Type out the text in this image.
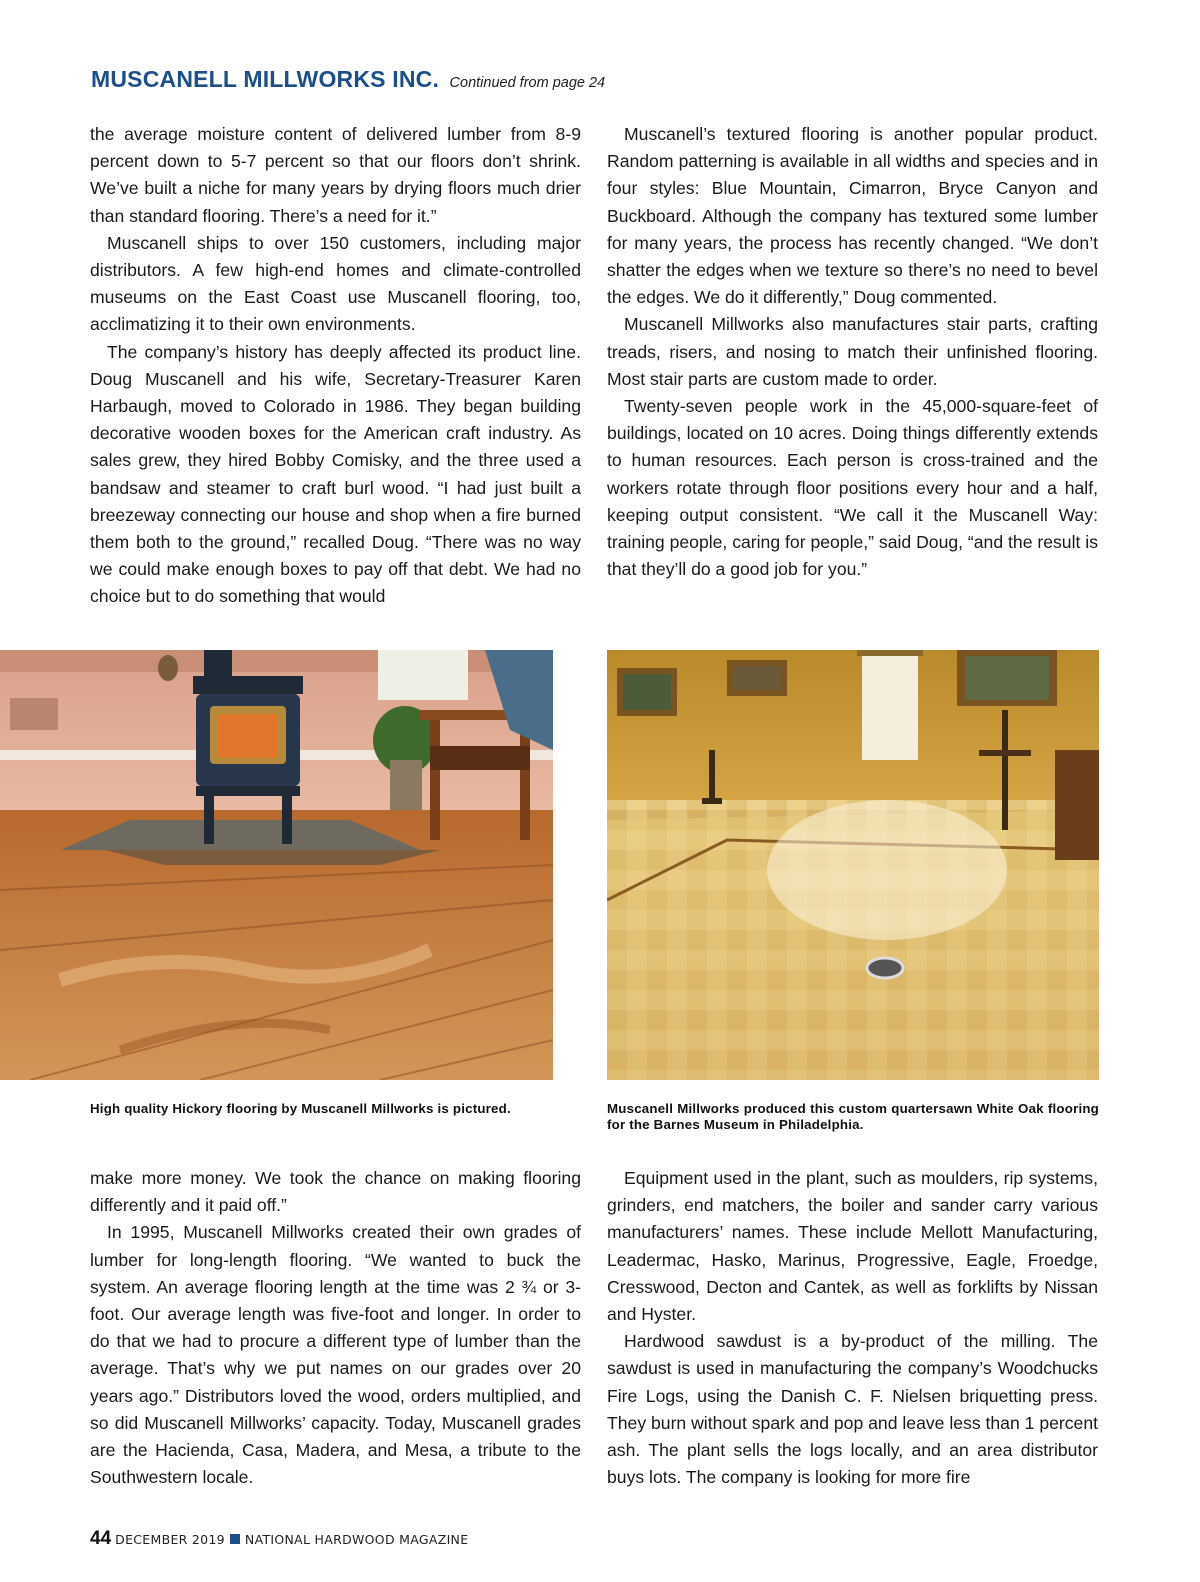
MUSCANELL MILLWORKS INC. Continued from page 24

the average moisture content of delivered lumber from 8-9 percent down to 5-7 percent so that our floors don’t shrink. We’ve built a niche for many years by drying floors much drier than standard flooring. There’s a need for it.”

Muscanell ships to over 150 customers, including major distributors. A few high-end homes and climate-controlled museums on the East Coast use Muscanell flooring, too, acclimatizing it to their own environments.

The company’s history has deeply affected its product line. Doug Muscanell and his wife, Secretary-Treasurer Karen Harbaugh, moved to Colorado in 1986. They began building decorative wooden boxes for the American craft industry. As sales grew, they hired Bobby Comisky, and the three used a bandsaw and steamer to craft burl wood. “I had just built a breezeway connecting our house and shop when a fire burned them both to the ground,” recalled Doug. “There was no way we could make enough boxes to pay off that debt. We had no choice but to do something that would

Muscanell’s textured flooring is another popular product. Random patterning is available in all widths and species and in four styles: Blue Mountain, Cimarron, Bryce Canyon and Buckboard. Although the company has textured some lumber for many years, the process has recently changed. “We don’t shatter the edges when we texture so there’s no need to bevel the edges. We do it differently,” Doug commented.

Muscanell Millworks also manufactures stair parts, crafting treads, risers, and nosing to match their unfinished flooring. Most stair parts are custom made to order.

Twenty-seven people work in the 45,000-square-feet of buildings, located on 10 acres. Doing things differently extends to human resources. Each person is cross-trained and the workers rotate through floor positions every hour and a half, keeping output consistent. “We call it the Muscanell Way: training people, caring for people,” said Doug, “and the result is that they’ll do a good job for you.”

High quality Hickory flooring by Muscanell Millworks is pictured.	Muscanell Millworks produced this custom quartersawn White Oak flooring for the Barnes Museum in Philadelphia.

make more money. We took the chance on making flooring differently and it paid off.”

In 1995, Muscanell Millworks created their own grades of lumber for long-length flooring. “We wanted to buck the system. An average flooring length at the time was 2 ¾ or 3-foot. Our average length was five-foot and longer. In order to do that we had to procure a different type of lumber than the average. That’s why we put names on our grades over 20 years ago.” Distributors loved the wood, orders multiplied, and so did Muscanell Millworks’ capacity. Today, Muscanell grades are the Hacienda, Casa, Madera, and Mesa, a tribute to the Southwestern locale.

Equipment used in the plant, such as moulders, rip systems, grinders, end matchers, the boiler and sander carry various manufacturers’ names. These include Mellott Manufacturing, Leadermac, Hasko, Marinus, Progressive, Eagle, Froedge, Cresswood, Decton and Cantek, as well as forklifts by Nissan and Hyster.

Hardwood sawdust is a by-product of the milling. The sawdust is used in manufacturing the company’s Woodchucks Fire Logs, using the Danish C. F. Nielsen briquetting press. They burn without spark and pop and leave less than 1 percent ash. The plant sells the logs locally, and an area distributor buys lots. The company is looking for more fire

44 DECEMBER 2019 NATIONAL HARDWOOD MAGAZINE
